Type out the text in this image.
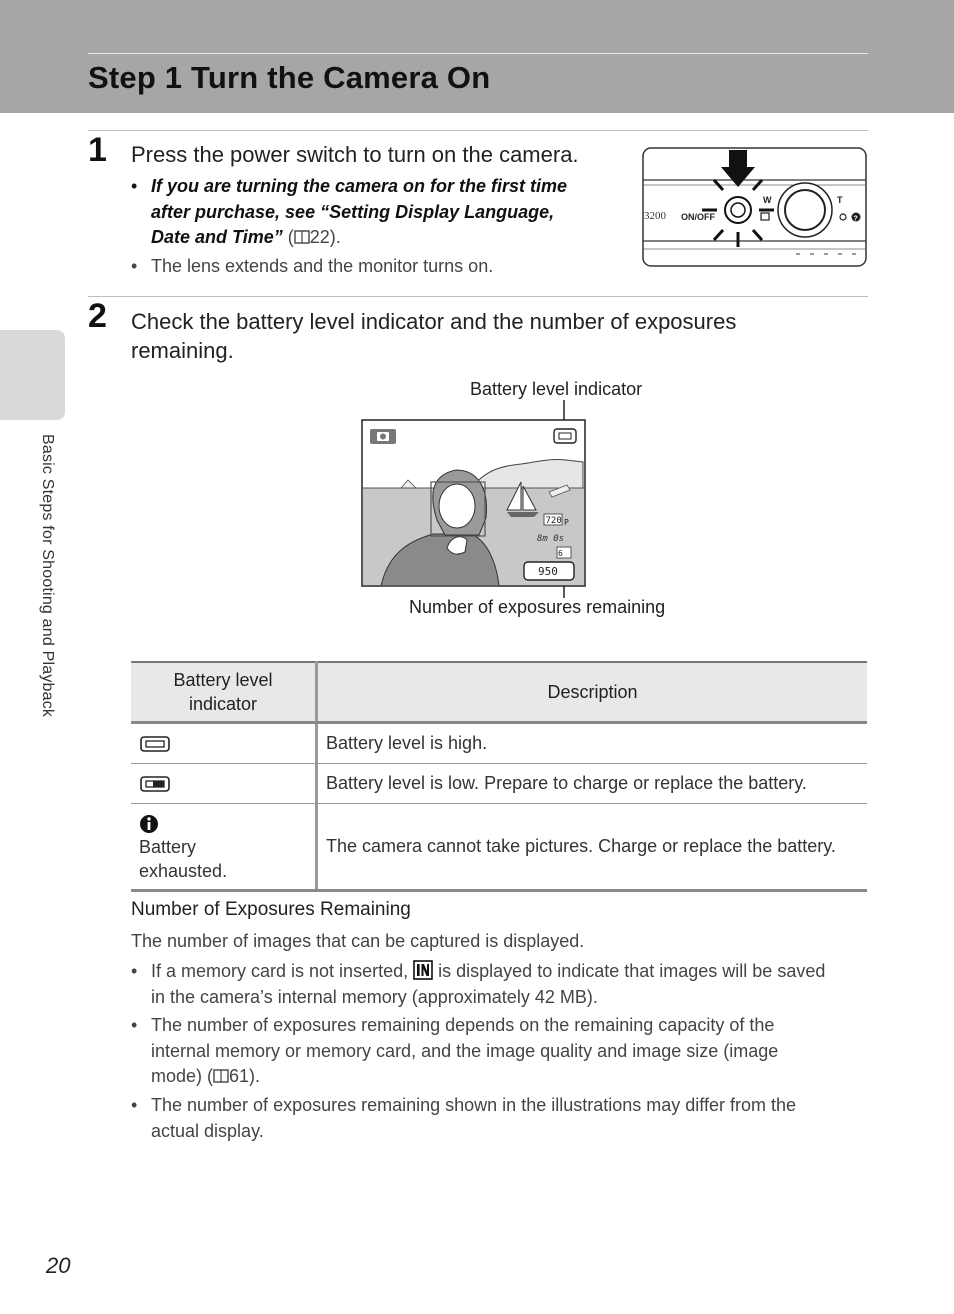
Step 1 Turn the Camera On
Basic Steps for Shooting and Playback
1 Press the power switch to turn on the camera.
• If you are turning the camera on for the first time after purchase, see “Setting Display Language, Date and Time” ( 22).
• The lens extends and the monitor turns on.
3200 ON/OFF
W	T
?
2 Check the battery level indicator and the number of exposures
remaining.
Battery level indicator
720 P
8m 0s
6
950
Number of exposures remaining
Battery level
indicator	Description
	Battery level is high.
	Battery level is low. Prepare to charge or replace the battery.

Battery
exhausted.	The camera cannot take pictures. Charge or replace the battery.
Number of Exposures Remaining
The number of images that can be captured is displayed.
• If a memory card is not inserted, is displayed to indicate that images will be saved
in the camera’s internal memory (approximately 42 MB).
• The number of exposures remaining depends on the remaining capacity of the
internal memory or memory card, and the image quality and image size (image
mode) ( 61).
• The number of exposures remaining shown in the illustrations may differ from the
actual display.
20
